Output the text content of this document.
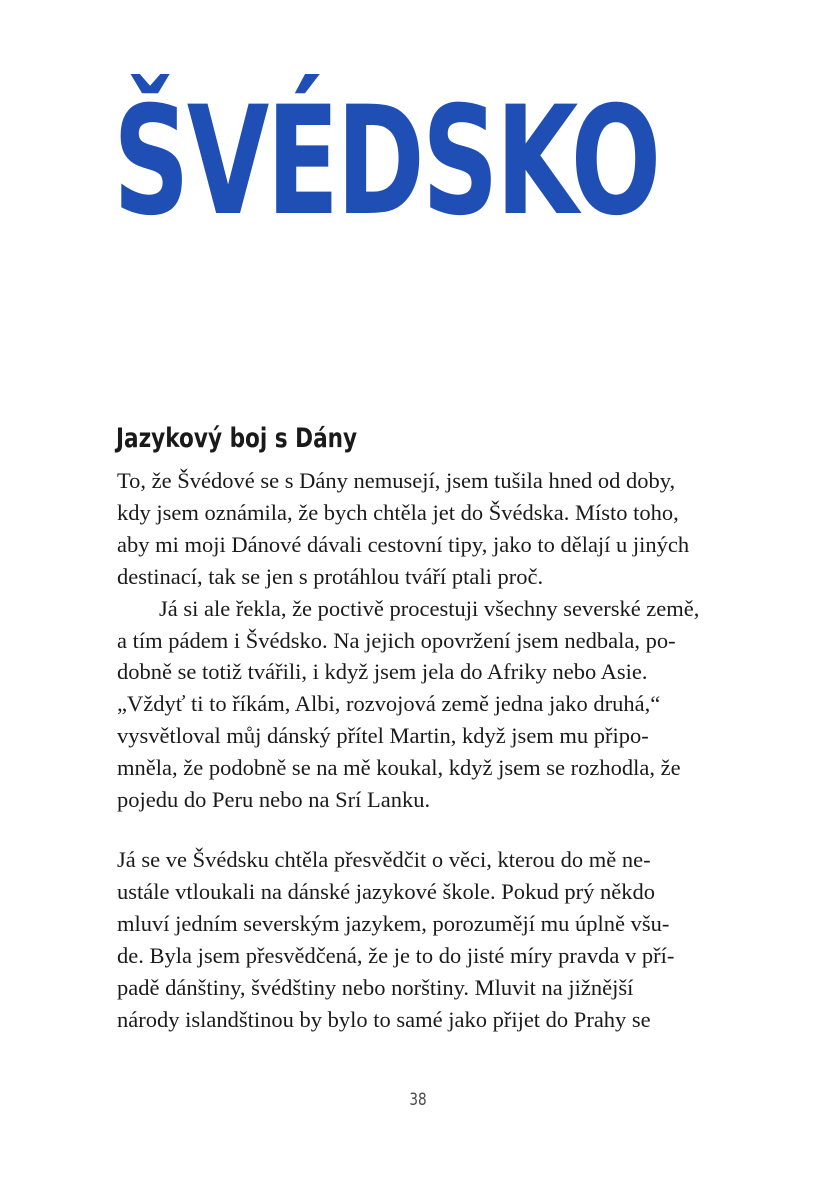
ŠVÉDSKO
Jazykový boj s Dány

To, že Švédové se s Dány nemusejí, jsem tušila hned od doby,
kdy jsem oznámila, že bych chtěla jet do Švédska. Místo toho,
aby mi moji Dánové dávali cestovní tipy, jako to dělají u jiných
destinací, tak se jen s protáhlou tváří ptali proč.

Já si ale řekla, že poctivě procestuji všechny severské země,
a tím pádem i Švédsko. Na jejich opovržení jsem nedbala, po-
dobně se totiž tvářili, i když jsem jela do Afriky nebo Asie.
„Vždyť ti to říkám, Albi, rozvojová země jedna jako druhá,“
vysvětloval můj dánský přítel Martin, když jsem mu připo-
mněla, že podobně se na mě koukal, když jsem se rozhodla, že
pojedu do Peru nebo na Srí Lanku.

Já se ve Švédsku chtěla přesvědčit o věci, kterou do mě ne-
ustále vtloukali na dánské jazykové škole. Pokud prý někdo
mluví jedním severským jazykem, porozumějí mu úplně všu-
de. Byla jsem přesvědčená, že je to do jisté míry pravda v pří-
padě dánštiny, švédštiny nebo norštiny. Mluvit na jižnější
národy islandštinou by bylo to samé jako přijet do Prahy se

38
